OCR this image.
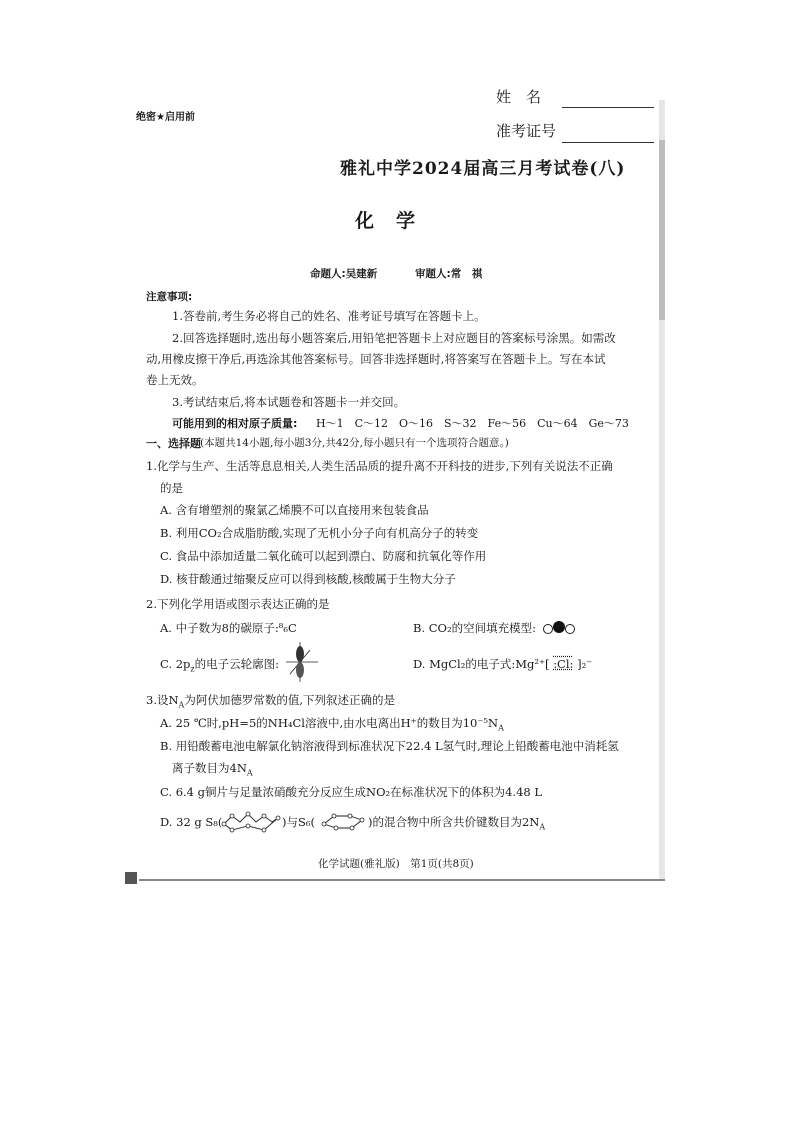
绝密★启用前
姓　名
准考证号
雅礼中学2024届高三月考试卷(八)
化学
命题人:吴建新	审题人:常　祺
注意事项:
1.答卷前,考生务必将自己的姓名、准考证号填写在答题卡上。
2.回答选择题时,选出每小题答案后,用铅笔把答题卡上对应题目的答案标号涂黑。如需改
动,用橡皮擦干净后,再选涂其他答案标号。回答非选择题时,将答案写在答题卡上。写在本试
卷上无效。
3.考试结束后,将本试题卷和答题卡一并交回。
可能用到的相对原子质量: H～1　C～12　O～16　S～32　Fe～56　Cu～64　Ge～73
一、选择题 (本题共14小题,每小题3分,共42分,每小题只有一个选项符合题意。)
1.化学与生产、生活等息息相关,人类生活品质的提升离不开科技的进步,下列有关说法不正确
的是
A. 含有增塑剂的聚氯乙烯膜不可以直接用来包装食品
B. 利用CO₂合成脂肪酸,实现了无机小分子向有机高分子的转变
C. 食品中添加适量二氧化硫可以起到漂白、防腐和抗氧化等作用
D. 核苷酸通过缩聚反应可以得到核酸,核酸属于生物大分子
2.下列化学用语或图示表达正确的是
A. 中子数为8的碳原子:⁸₆C	B. CO₂的空间填充模型:
C. $2p_z$的电子云轮廓图:	D. MgCl₂的电子式:Mg²⁺[ :Cl: ]₂⁻
3.设$N_A$为阿伏加德罗常数的值,下列叙述正确的是
A. 25 ℃时,pH=5的NH₄Cl溶液中,由水电离出H⁺的数目为$10^{-5}N_A$
B. 用铅酸蓄电池电解氯化钠溶液得到标准状况下22.4 L氢气时,理论上铅酸蓄电池中消耗氢
离子数目为$4N_A$
C. 6.4 g铜片与足量浓硝酸充分反应生成NO₂在标准状况下的体积为4.48 L
D. 32 g S₈(	)与S₆(	)的混合物中所含共价键数目为$2N_A$
化学试题(雅礼版)　第1页(共8页)
